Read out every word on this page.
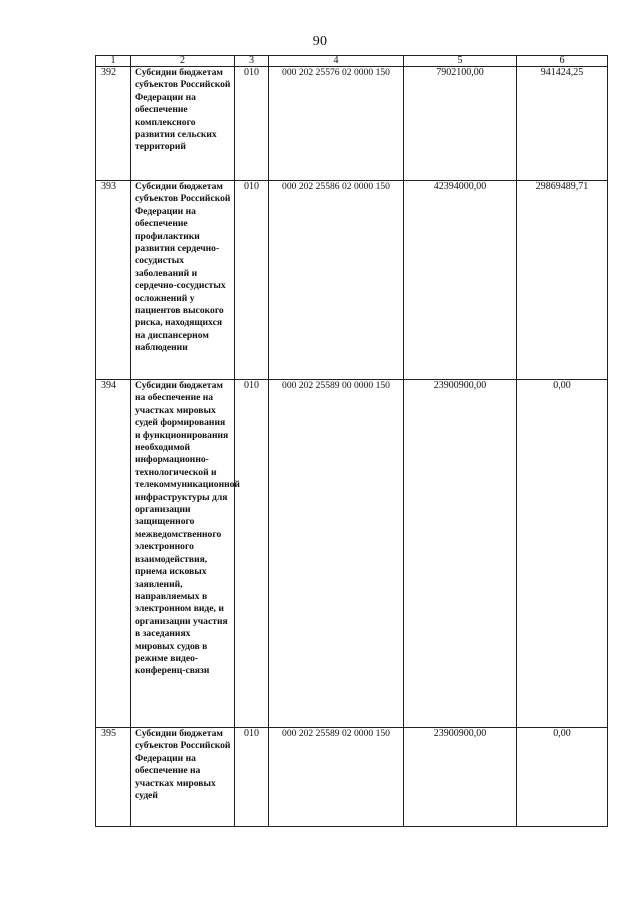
90
1	2	3	4	5	6
392	Субсидии бюджетам субъектов Российской Федерации на обеспечение комплексного развития сельских территорий	010	000 202 25576 02 0000 150	7902100,00	941424,25
393	Субсидии бюджетам субъектов Российской Федерации на обеспечение профилактики развития сердечно-сосудистых заболеваний и сердечно-сосудистых осложнений у пациентов высокого риска, находящихся на диспансерном наблюдении	010	000 202 25586 02 0000 150	42394000,00	29869489,71
394	Субсидии бюджетам на обеспечение на участках мировых судей формирования и функционирования необходимой информационно-технологической и телекоммуникационной инфраструктуры для организации защищенного межведомственного электронного взаимодействия, приема исковых заявлений, направляемых в электронном виде, и организации участия в заседаниях мировых судов в режиме видео-конференц-связи	010	000 202 25589 00 0000 150	23900900,00	0,00
395	Субсидии бюджетам субъектов Российской Федерации на обеспечение на участках мировых судей	010	000 202 25589 02 0000 150	23900900,00	0,00
